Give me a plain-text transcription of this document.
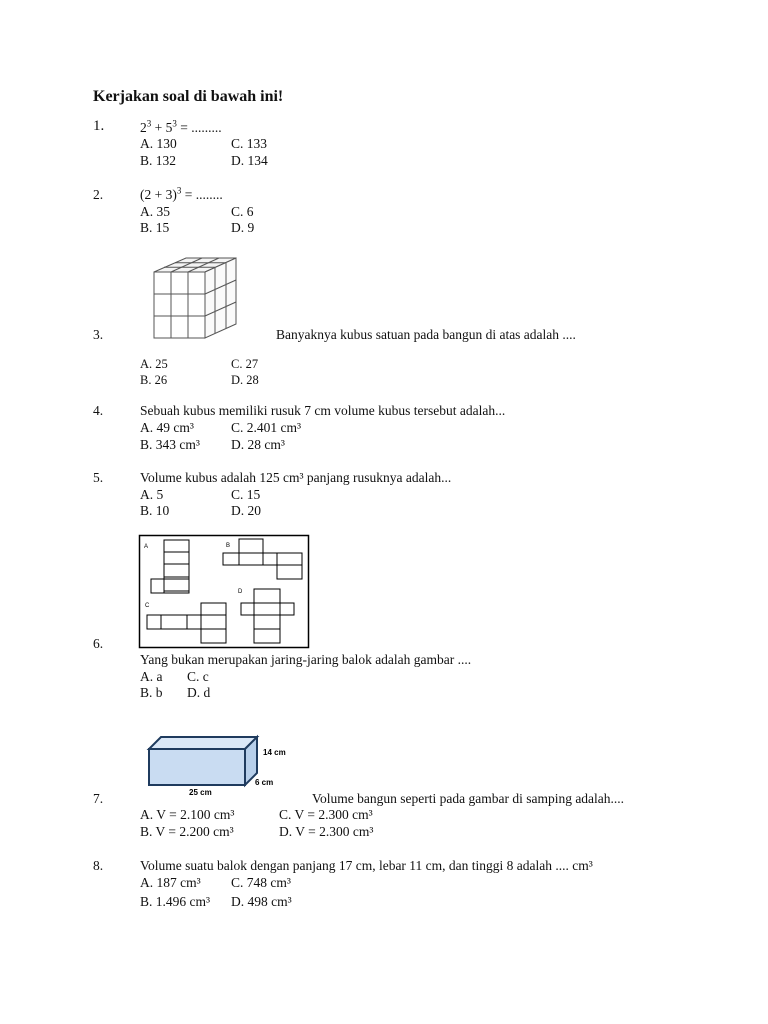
Kerjakan soal di bawah ini!
1.	$2^3 + 5^3$ = .........
A. 130	C. 133
B. 132	D. 134
2.	$(2 + 3)^3$ = ........
A. 35	C. 6
B. 15	D. 9
3.	Banyaknya kubus satuan pada bangun di atas adalah ....
A. 25	C. 27
B. 26	D. 28
4.	Sebuah kubus memiliki rusuk 7 cm volume kubus tersebut adalah...
A. 49 cm³	C. 2.401 cm³
B. 343 cm³ D. 28 cm³
5.	Volume kubus adalah 125 cm³ panjang rusuknya adalah...
A. 5	C. 15
B. 10	D. 20
A	B
C
D
6.
Yang bukan merupakan jaring-jaring balok adalah gambar ....
A. a C. c
B. b D. d
14 cm
6 cm
25 cm
7.	Volume bangun seperti pada gambar di samping adalah....
A. V = 2.100 cm³	C. V = 2.300 cm³
B. V = 2.200 cm³	D. V = 2.300 cm³
8.	Volume suatu balok dengan panjang 17 cm, lebar 11 cm, dan tinggi 8 adalah .... cm³
A. 187 cm³ C. 748 cm³
B. 1.496 cm³ D. 498 cm³
